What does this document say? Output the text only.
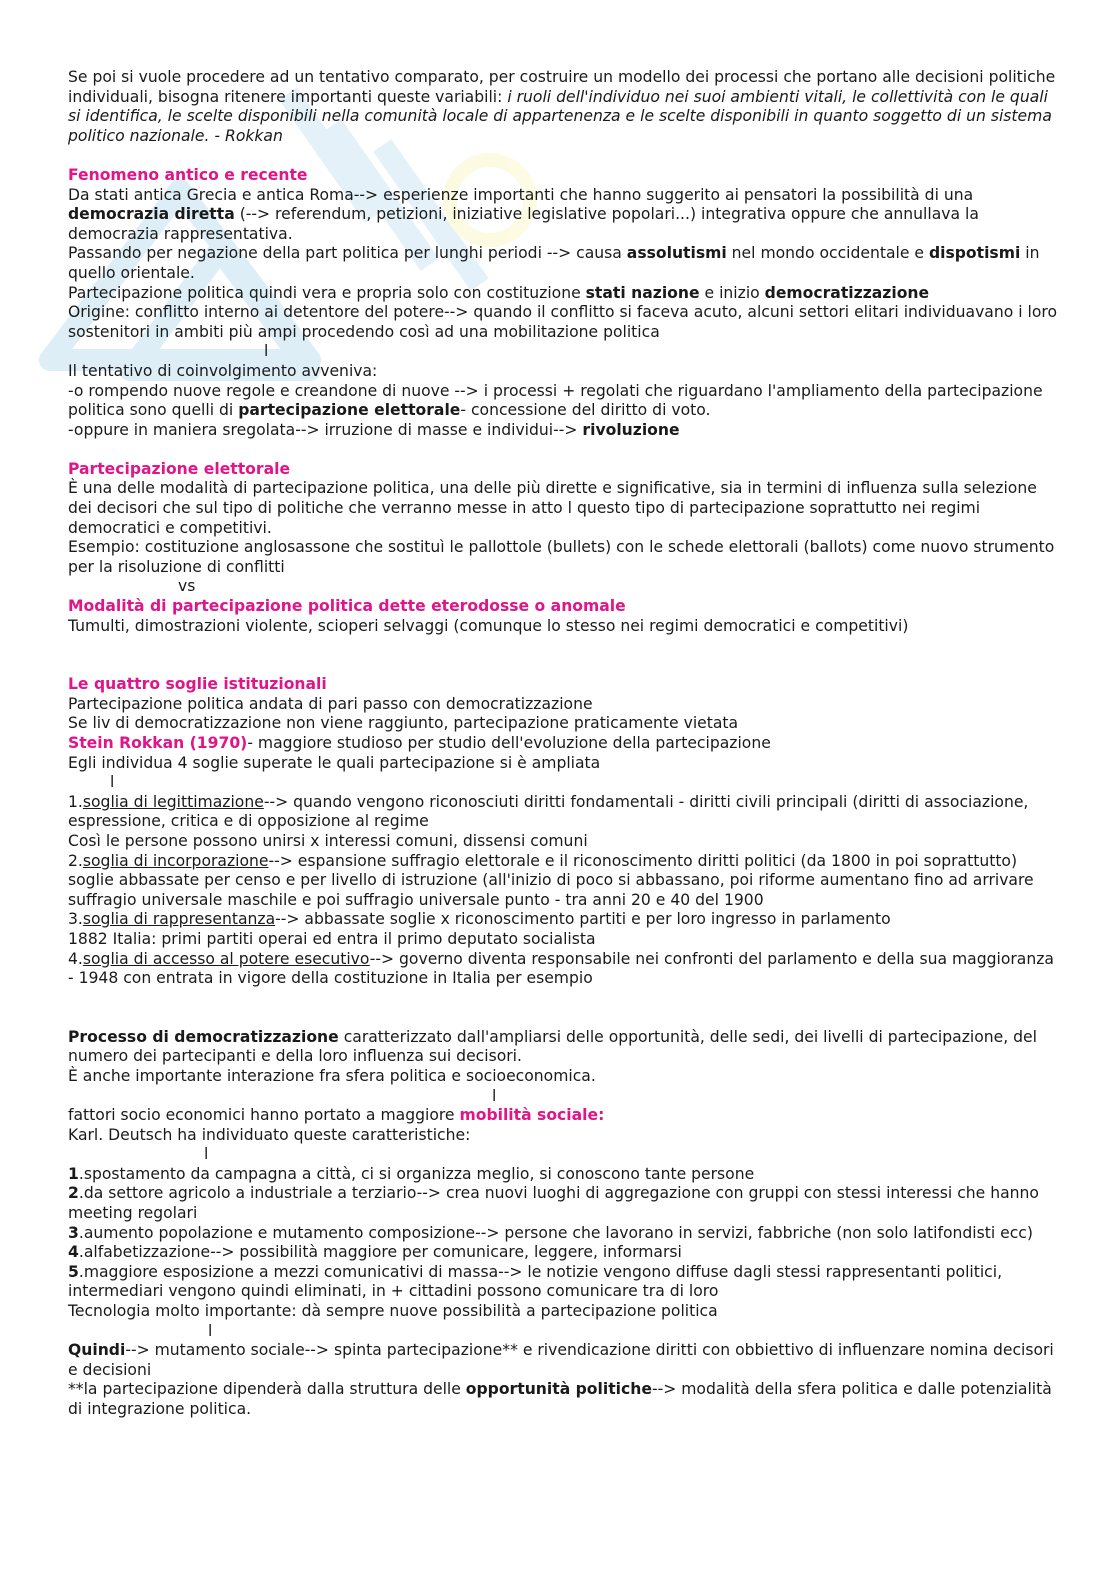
Se poi si vuole procedere ad un tentativo comparato, per costruire un modello dei processi che portano alle decisioni politiche individuali, bisogna ritenere importanti queste variabili: i ruoli dell'individuo nei suoi ambienti vitali, le collettività con le quali si identifica, le scelte disponibili nella comunità locale di appartenenza e le scelte disponibili in quanto soggetto di un sistema politico nazionale. - Rokkan

Fenomeno antico e recente

Da stati antica Grecia e antica Roma--> esperienze importanti che hanno suggerito ai pensatori la possibilità di una democrazia diretta (--> referendum, petizioni, iniziative legislative popolari...) integrativa oppure che annullava la democrazia rappresentativa.

Passando per negazione della part politica per lunghi periodi --> causa assolutismi nel mondo occidentale e dispotismi in quello orientale.

Partecipazione politica quindi vera e propria solo con costituzione stati nazione e inizio democratizzazione

Origine: conflitto interno ai detentore del potere--> quando il conflitto si faceva acuto, alcuni settori elitari individuavano i loro sostenitori in ambiti più ampi procedendo così ad una mobilitazione politica

l

Il tentativo di coinvolgimento avveniva:

-o rompendo nuove regole e creandone di nuove --> i processi + regolati che riguardano l'ampliamento della partecipazione politica sono quelli di partecipazione elettorale- concessione del diritto di voto.

-oppure in maniera sregolata--> irruzione di masse e individui--> rivoluzione

Partecipazione elettorale

È una delle modalità di partecipazione politica, una delle più dirette e significative, sia in termini di influenza sulla selezione dei decisori che sul tipo di politiche che verranno messe in atto l questo tipo di partecipazione soprattutto nei regimi democratici e competitivi.

Esempio: costituzione anglosassone che sostituì le pallottole (bullets) con le schede elettorali (ballots) come nuovo strumento per la risoluzione di conflitti

vs

Modalità di partecipazione politica dette eterodosse o anomale

Tumulti, dimostrazioni violente, scioperi selvaggi (comunque lo stesso nei regimi democratici e competitivi)

Le quattro soglie istituzionali

Partecipazione politica andata di pari passo con democratizzazione

Se liv di democratizzazione non viene raggiunto, partecipazione praticamente vietata

Stein Rokkan (1970)- maggiore studioso per studio dell'evoluzione della partecipazione

Egli individua 4 soglie superate le quali partecipazione si è ampliata

l

1.soglia di legittimazione--> quando vengono riconosciuti diritti fondamentali - diritti civili principali (diritti di associazione, espressione, critica e di opposizione al regime

Così le persone possono unirsi x interessi comuni, dissensi comuni

2.soglia di incorporazione--> espansione suffragio elettorale e il riconoscimento diritti politici (da 1800 in poi soprattutto) soglie abbassate per censo e per livello di istruzione (all'inizio di poco si abbassano, poi riforme aumentano fino ad arrivare suffragio universale maschile e poi suffragio universale punto - tra anni 20 e 40 del 1900

3.soglia di rappresentanza--> abbassate soglie x riconoscimento partiti e per loro ingresso in parlamento

1882 Italia: primi partiti operai ed entra il primo deputato socialista

4.soglia di accesso al potere esecutivo--> governo diventa responsabile nei confronti del parlamento e della sua maggioranza - 1948 con entrata in vigore della costituzione in Italia per esempio

Processo di democratizzazione caratterizzato dall'ampliarsi delle opportunità, delle sedi, dei livelli di partecipazione, del numero dei partecipanti e della loro influenza sui decisori.

È anche importante interazione fra sfera politica e socioeconomica.

l

fattori socio economici hanno portato a maggiore mobilità sociale:

Karl. Deutsch ha individuato queste caratteristiche:

l

1.spostamento da campagna a città, ci si organizza meglio, si conoscono tante persone

2.da settore agricolo a industriale a terziario--> crea nuovi luoghi di aggregazione con gruppi con stessi interessi che hanno meeting regolari

3.aumento popolazione e mutamento composizione--> persone che lavorano in servizi, fabbriche (non solo latifondisti ecc)

4.alfabetizzazione--> possibilità maggiore per comunicare, leggere, informarsi

5.maggiore esposizione a mezzi comunicativi di massa--> le notizie vengono diffuse dagli stessi rappresentanti politici, intermediari vengono quindi eliminati, in + cittadini possono comunicare tra di loro

Tecnologia molto importante: dà sempre nuove possibilità a partecipazione politica

l

Quindi--> mutamento sociale--> spinta partecipazione** e rivendicazione diritti con obbiettivo di influenzare nomina decisori e decisioni

**la partecipazione dipenderà dalla struttura delle opportunità politiche--> modalità della sfera politica e dalle potenzialità di integrazione politica.
